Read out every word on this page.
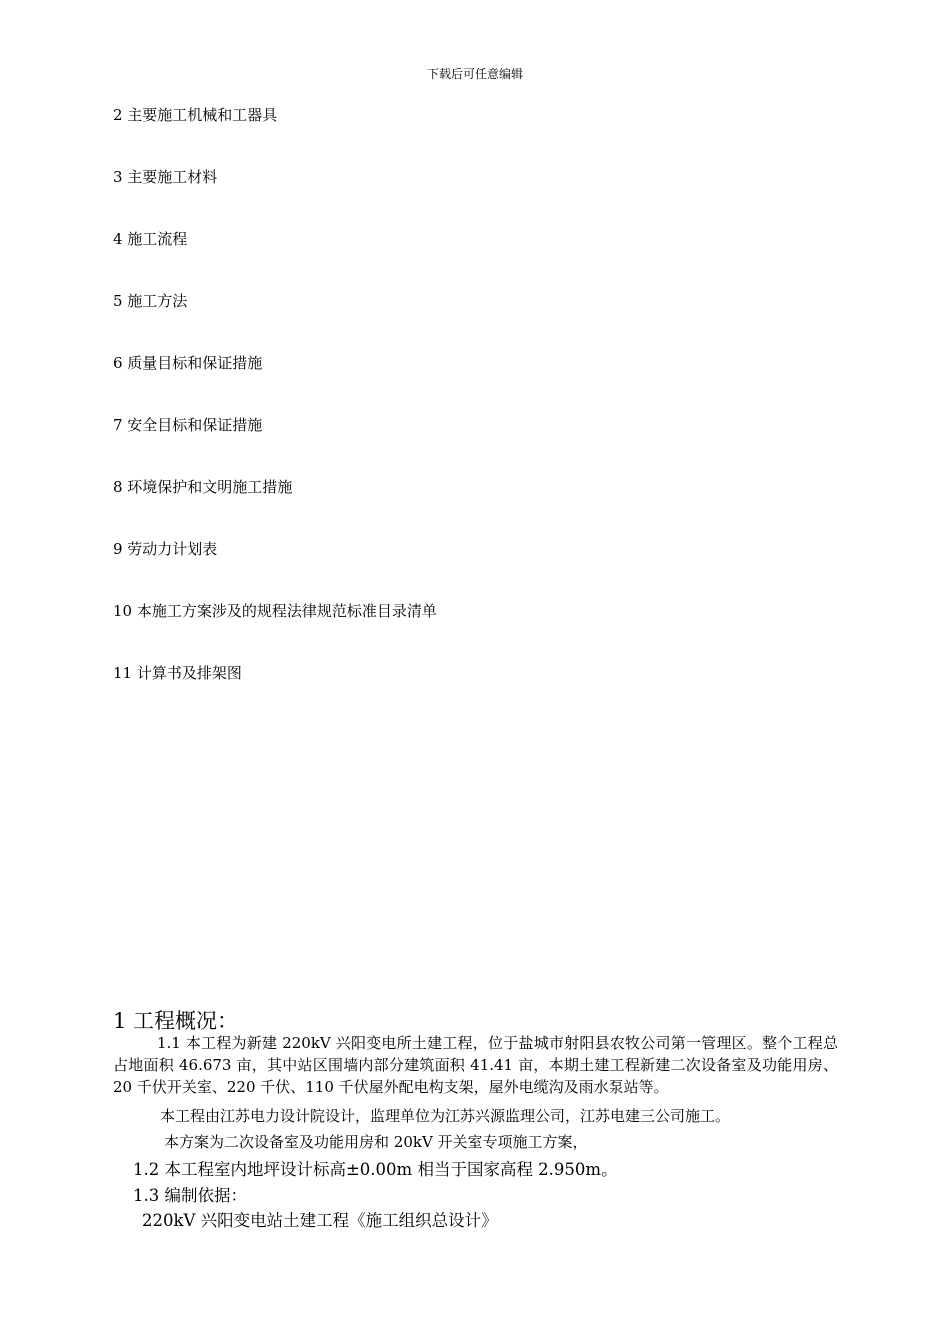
下载后可任意编辑
2 主要施工机械和工器具
3 主要施工材料
4 施工流程
5 施工方法
6 质量目标和保证措施
7 安全目标和保证措施
8 环境保护和文明施工措施
9 劳动力计划表
10 本施工方案涉及的规程法律规范标准目录清单
11 计算书及排架图
1 工程概况：
1.1 本工程为新建 220kV 兴阳变电所土建工程，位于盐城市射阳县农牧公司第一管理区。整个工程总占地面积 46.673 亩，其中站区围墙内部分建筑面积 41.41 亩，本期土建工程新建二次设备室及功能用房、20 千伏开关室、220 千伏、110 千伏屋外配电构支架，屋外电缆沟及雨水泵站等。
本工程由江苏电力设计院设计，监理单位为江苏兴源监理公司，江苏电建三公司施工。
本方案为二次设备室及功能用房和 20kV 开关室专项施工方案，
1.2 本工程室内地坪设计标高±0.00m 相当于国家高程 2.950m。
1.3 编制依据：
220kV 兴阳变电站土建工程《施工组织总设计》
